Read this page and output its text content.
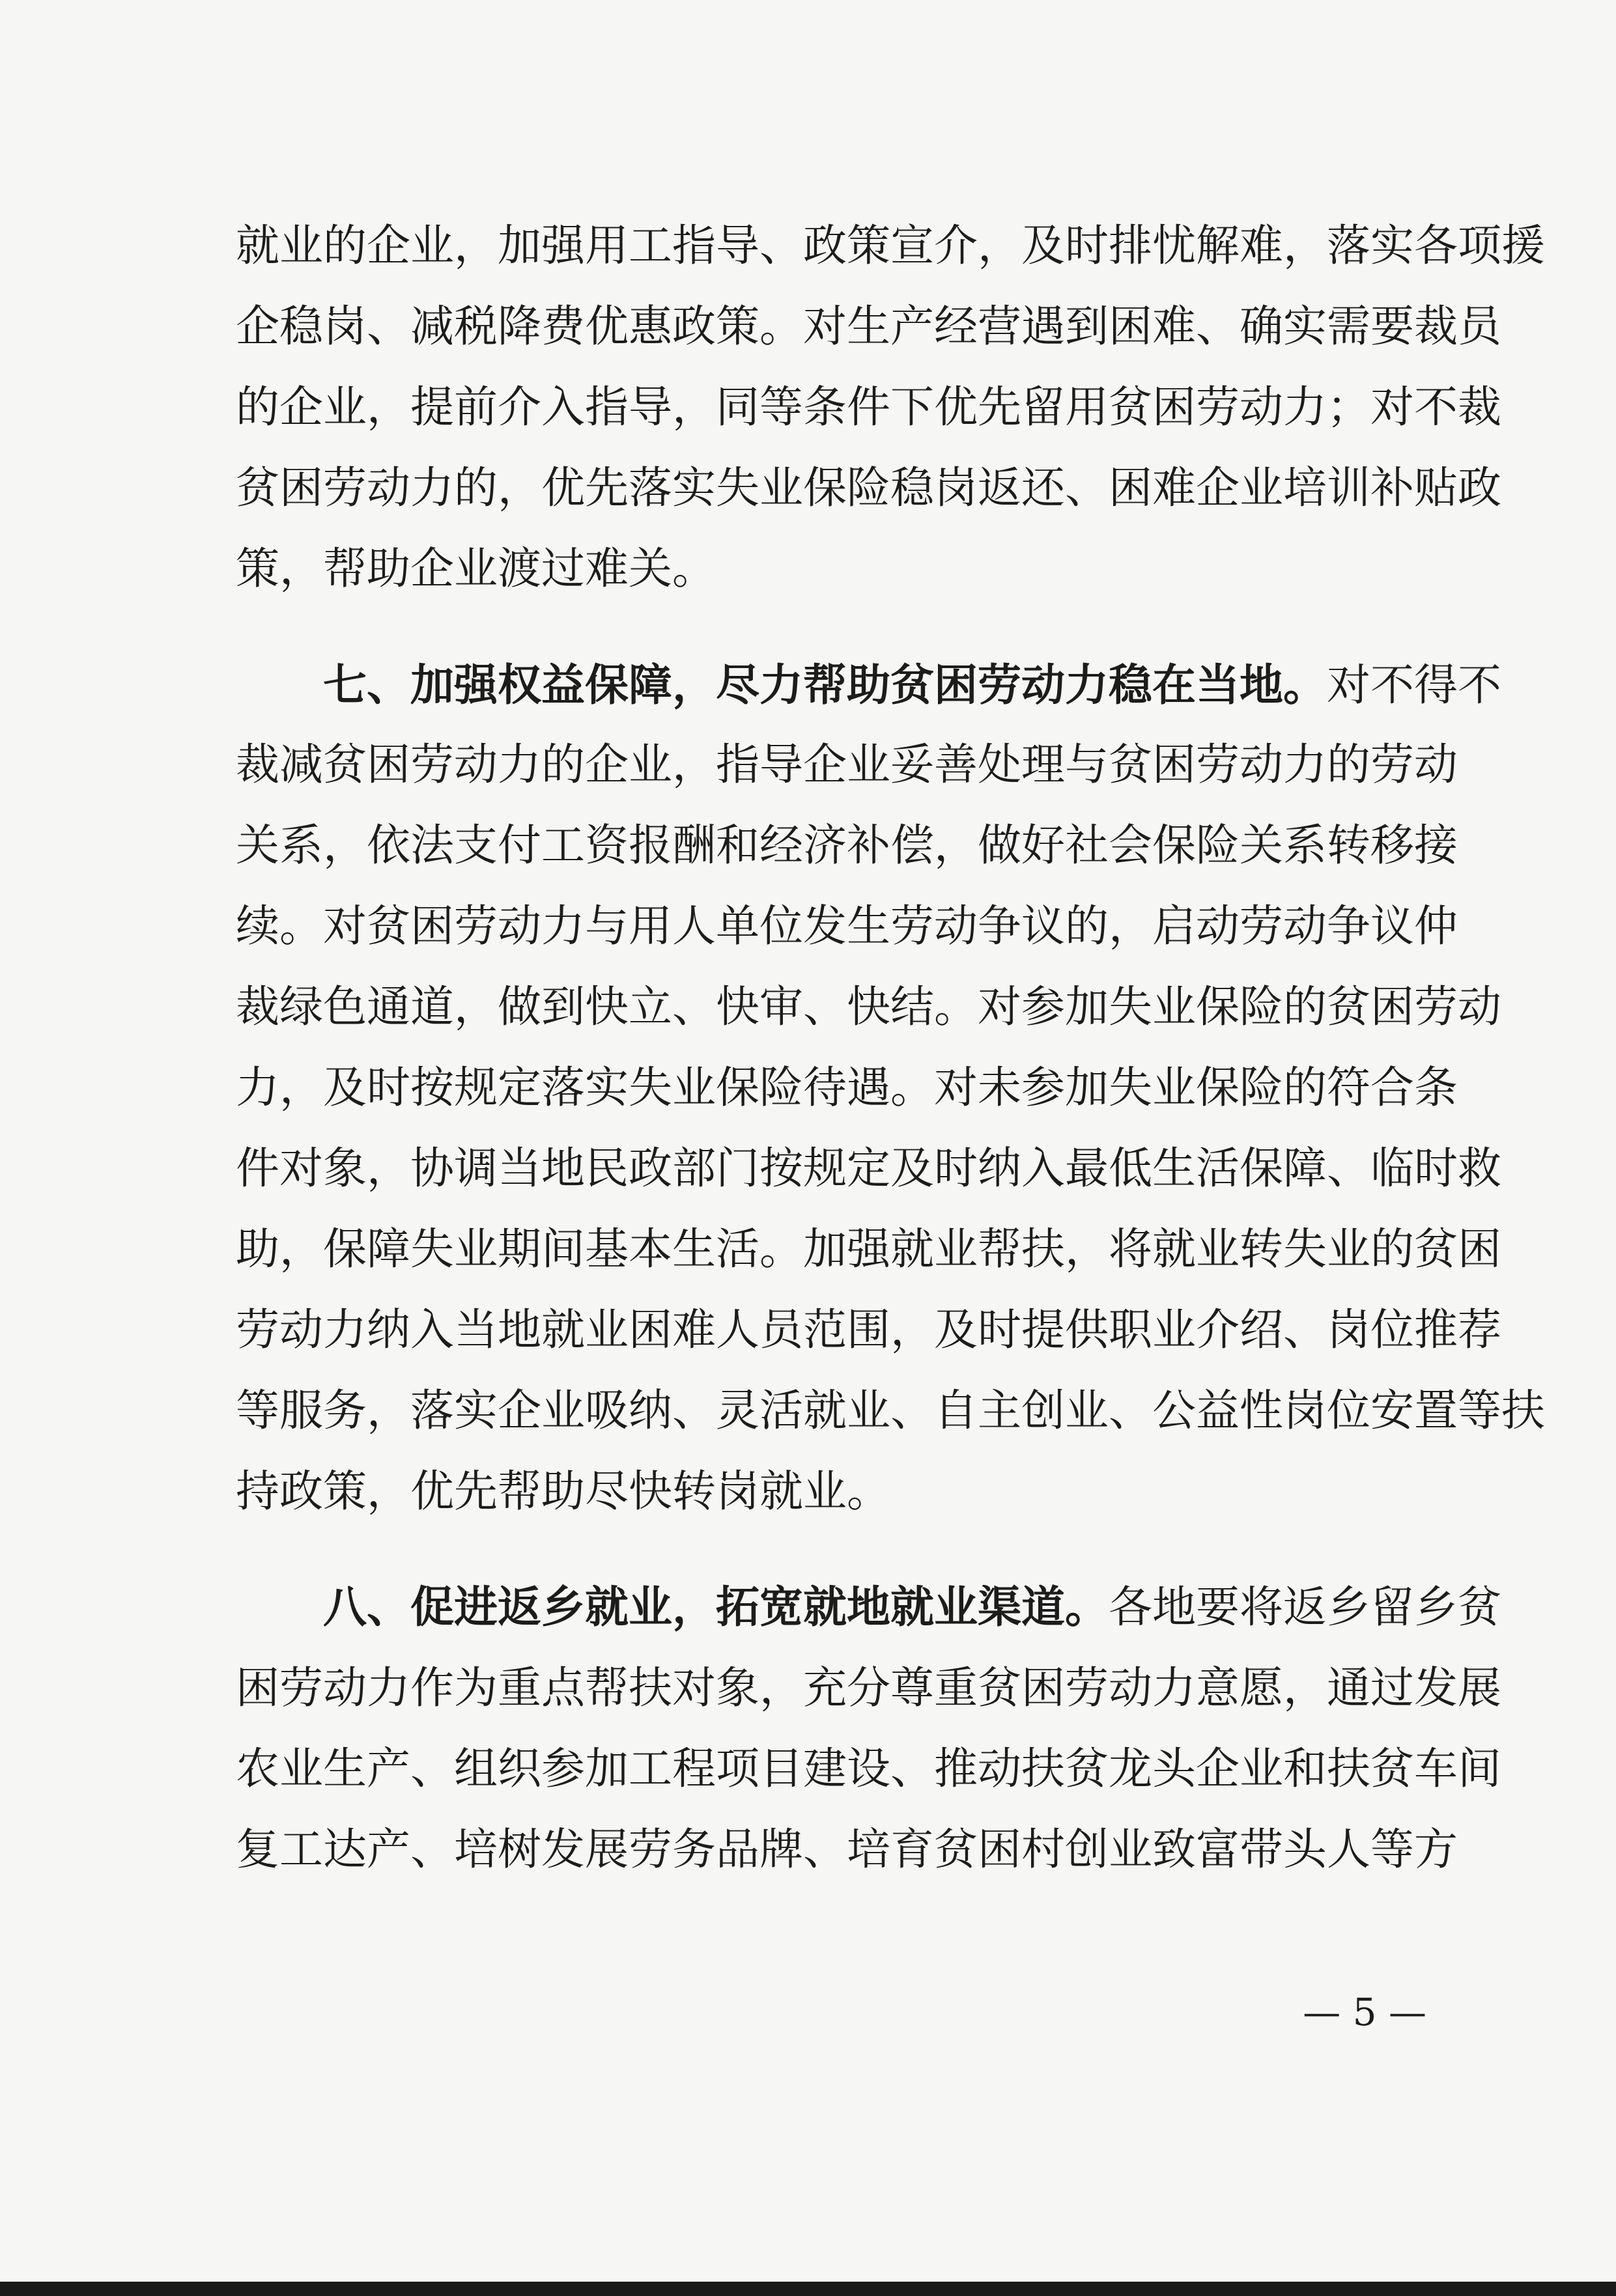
就业的企业，加强用工指导、政策宣介，及时排忧解难，落实各项援
企稳岗、减税降费优惠政策。对生产经营遇到困难、确实需要裁员
的企业，提前介入指导，同等条件下优先留用贫困劳动力；对不裁
贫困劳动力的，优先落实失业保险稳岗返还、困难企业培训补贴政
策，帮助企业渡过难关。
七、加强权益保障，尽力帮助贫困劳动力稳在当地。对不得不
裁减贫困劳动力的企业，指导企业妥善处理与贫困劳动力的劳动
关系，依法支付工资报酬和经济补偿，做好社会保险关系转移接
续。对贫困劳动力与用人单位发生劳动争议的，启动劳动争议仲
裁绿色通道，做到快立、快审、快结。对参加失业保险的贫困劳动
力，及时按规定落实失业保险待遇。对未参加失业保险的符合条
件对象，协调当地民政部门按规定及时纳入最低生活保障、临时救
助，保障失业期间基本生活。加强就业帮扶，将就业转失业的贫困
劳动力纳入当地就业困难人员范围，及时提供职业介绍、岗位推荐
等服务，落实企业吸纳、灵活就业、自主创业、公益性岗位安置等扶
持政策，优先帮助尽快转岗就业。
八、促进返乡就业，拓宽就地就业渠道。各地要将返乡留乡贫
困劳动力作为重点帮扶对象，充分尊重贫困劳动力意愿，通过发展
农业生产、组织参加工程项目建设、推动扶贫龙头企业和扶贫车间
复工达产、培树发展劳务品牌、培育贫困村创业致富带头人等方
— 5 —
